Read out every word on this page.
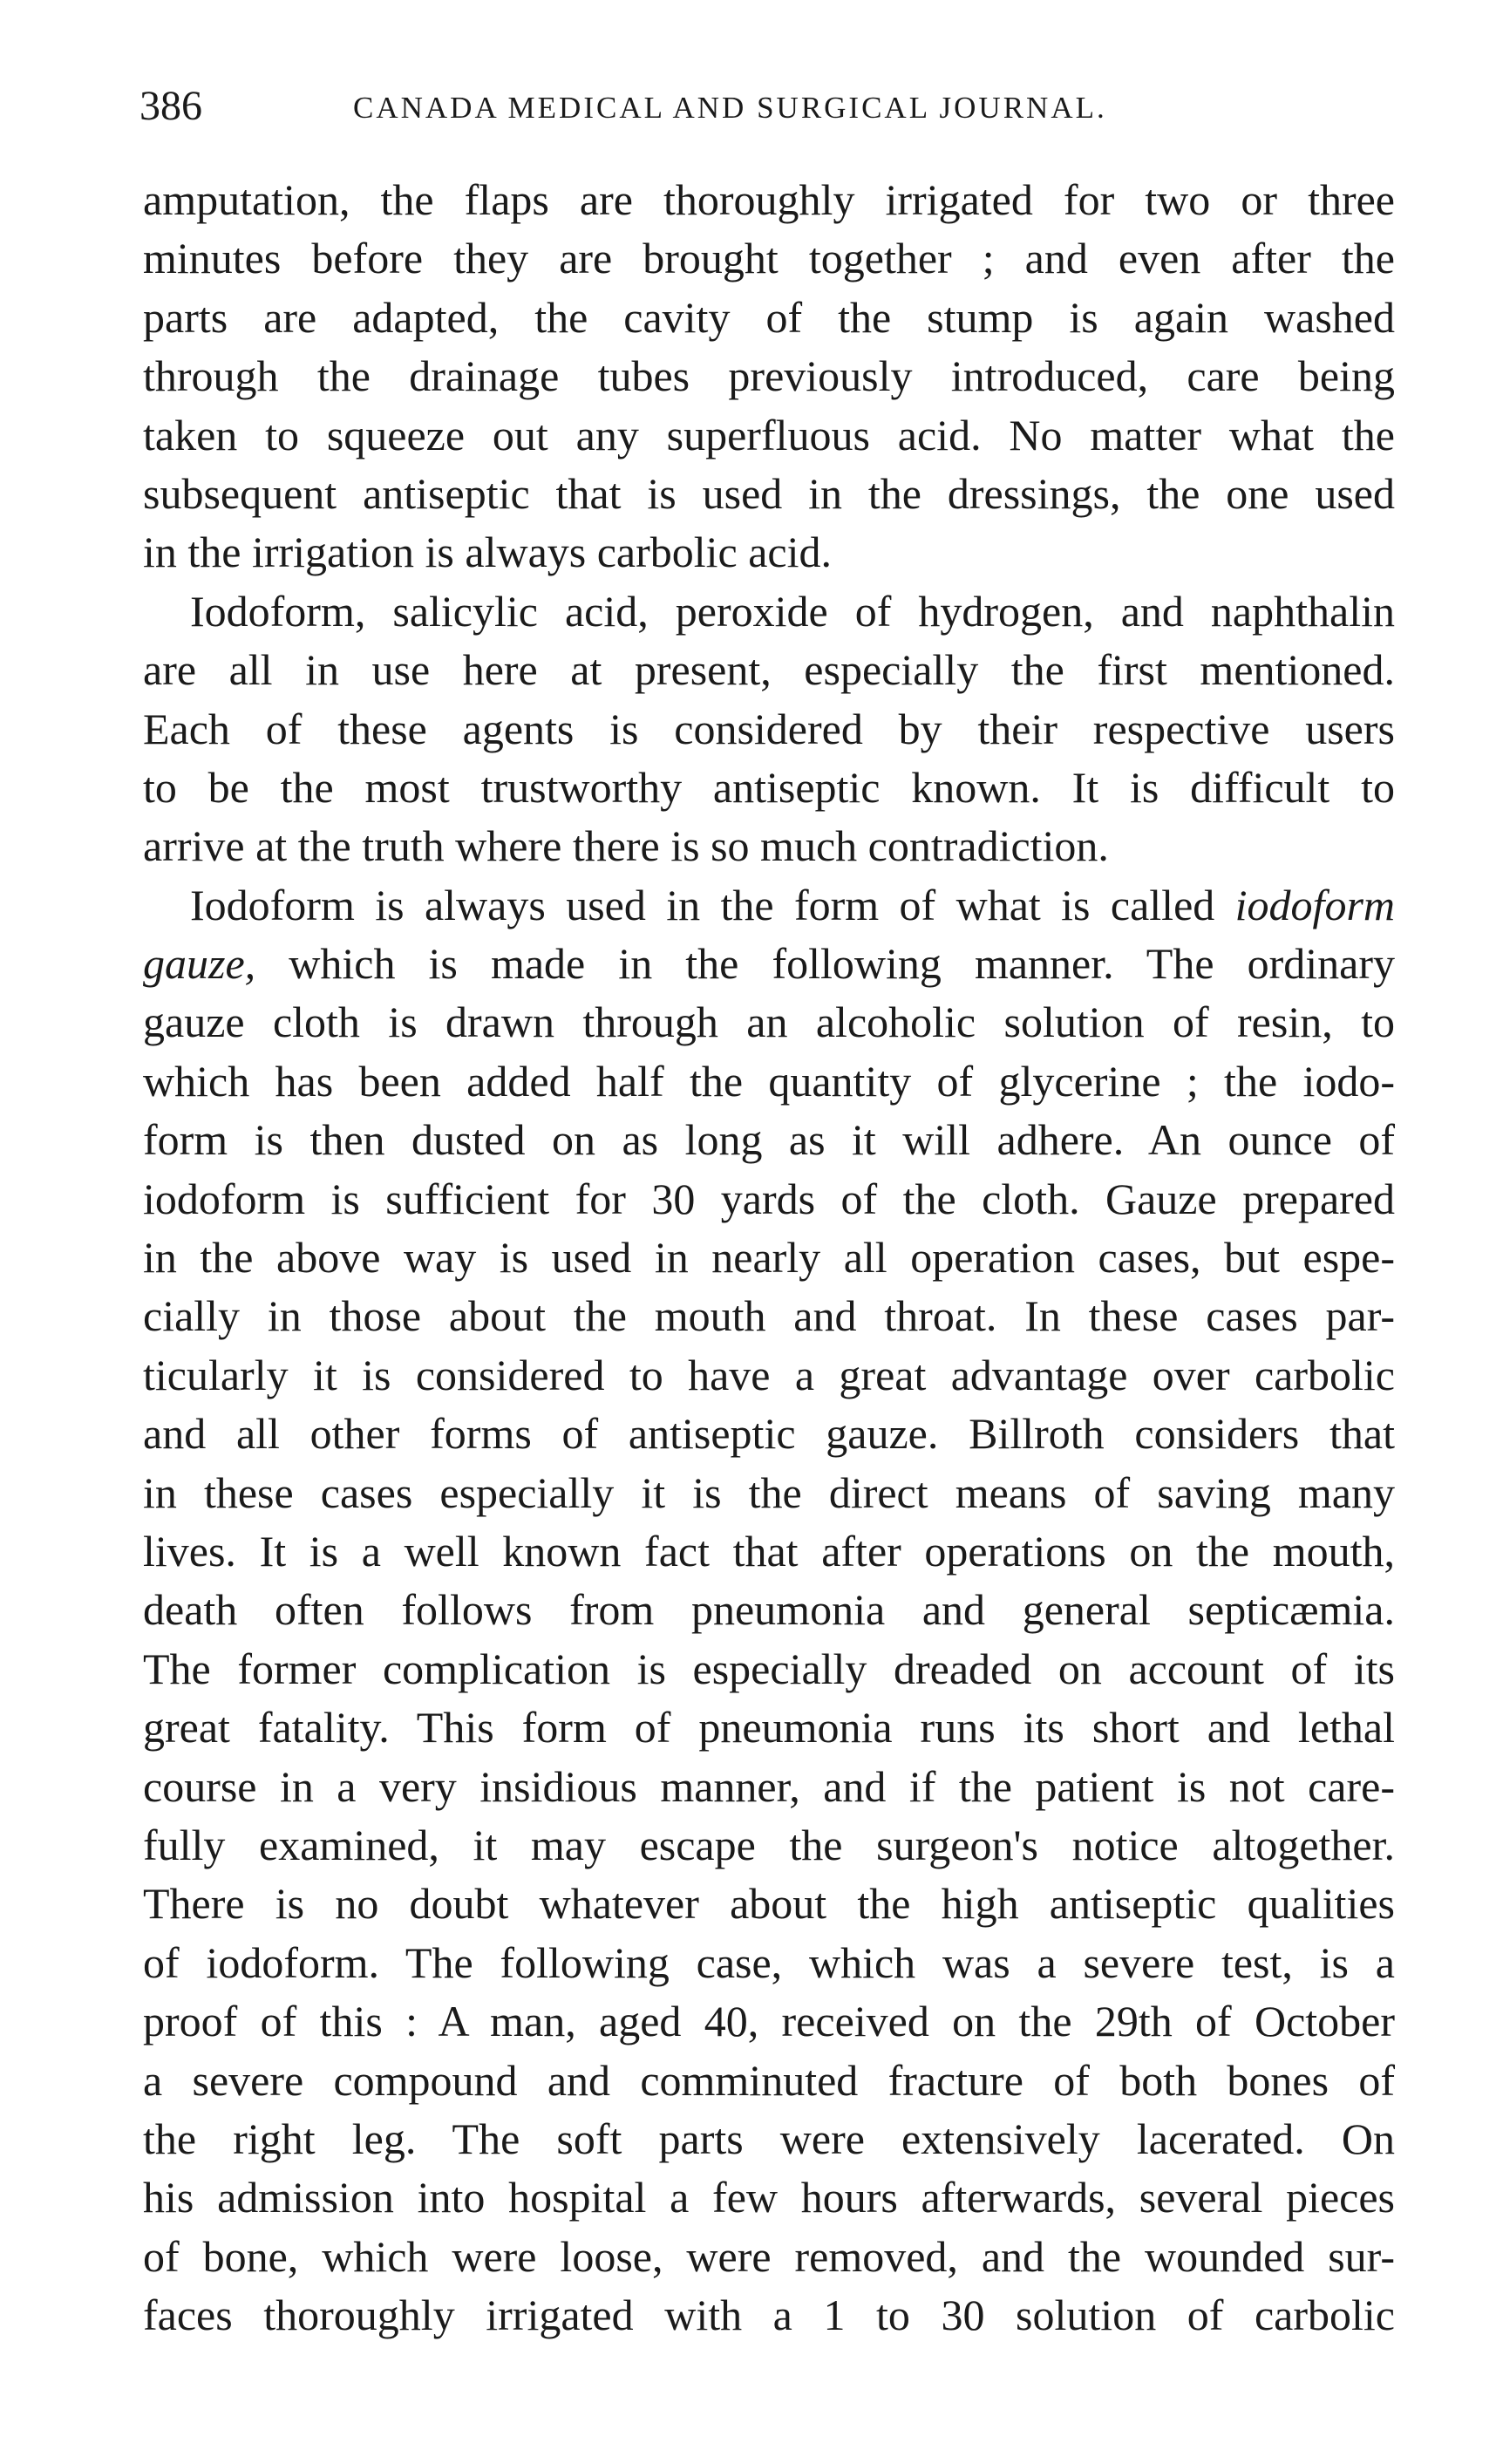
386	CANADA MEDICAL AND SURGICAL JOURNAL.
amputation, the flaps are thoroughly irrigated for two or three
minutes before they are brought together ; and even after the
parts are adapted, the cavity of the stump is again washed
through the drainage tubes previously introduced, care being
taken to squeeze out any superfluous acid. No matter what the
subsequent antiseptic that is used in the dressings, the one used
in the irrigation is always carbolic acid.
Iodoform, salicylic acid, peroxide of hydrogen, and naphthalin
are all in use here at present, especially the first mentioned.
Each of these agents is considered by their respective users
to be the most trustworthy antiseptic known. It is difficult to
arrive at the truth where there is so much contradiction.
Iodoform is always used in the form of what is called iodoform
gauze, which is made in the following manner. The ordinary
gauze cloth is drawn through an alcoholic solution of resin, to
which has been added half the quantity of glycerine ; the iodo-
form is then dusted on as long as it will adhere. An ounce of
iodoform is sufficient for 30 yards of the cloth. Gauze prepared
in the above way is used in nearly all operation cases, but espe-
cially in those about the mouth and throat. In these cases par-
ticularly it is considered to have a great advantage over carbolic
and all other forms of antiseptic gauze. Billroth considers that
in these cases especially it is the direct means of saving many
lives. It is a well known fact that after operations on the mouth,
death often follows from pneumonia and general septicæmia.
The former complication is especially dreaded on account of its
great fatality. This form of pneumonia runs its short and lethal
course in a very insidious manner, and if the patient is not care-
fully examined, it may escape the surgeon's notice altogether.
There is no doubt whatever about the high antiseptic qualities
of iodoform. The following case, which was a severe test, is a
proof of this : A man, aged 40, received on the 29th of October
a severe compound and comminuted fracture of both bones of
the right leg. The soft parts were extensively lacerated. On
his admission into hospital a few hours afterwards, several pieces
of bone, which were loose, were removed, and the wounded sur-
faces thoroughly irrigated with a 1 to 30 solution of carbolic
